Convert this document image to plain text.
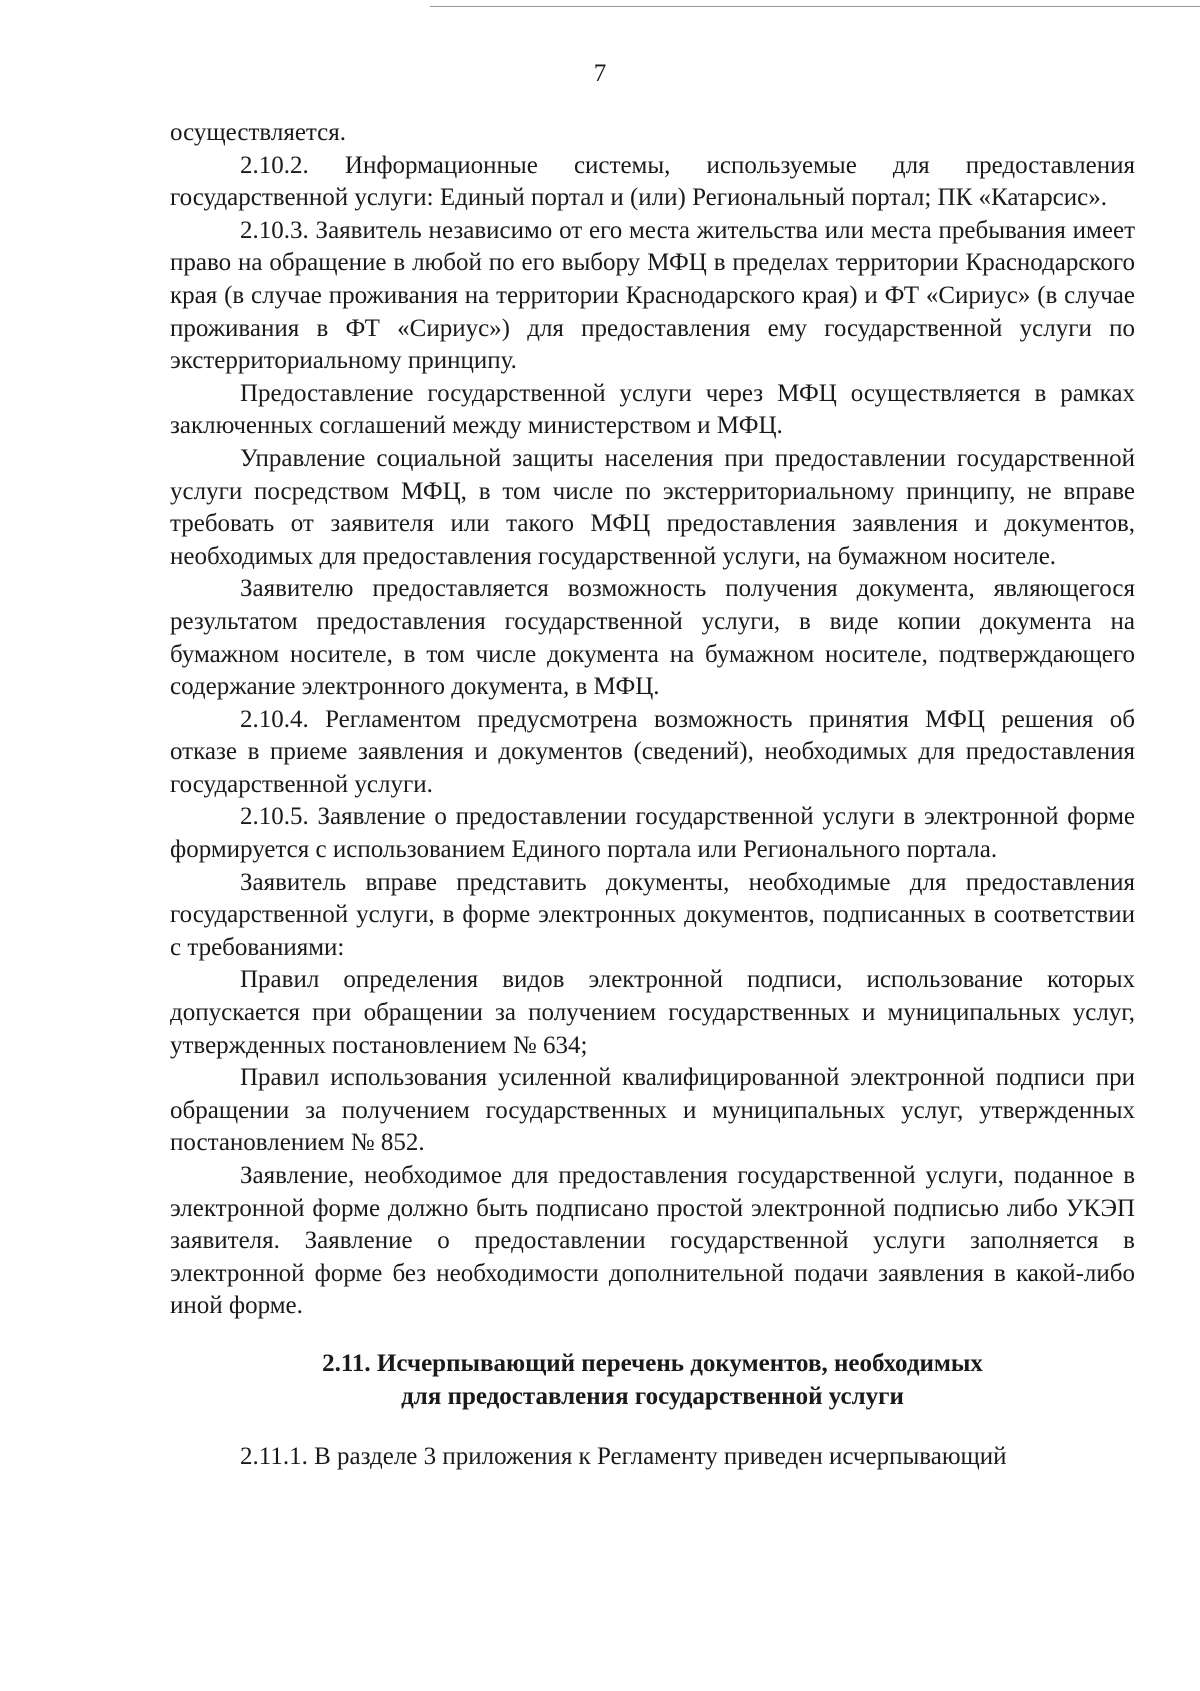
7

осуществляется.

2.10.2. Информационные системы, используемые для предоставления государственной услуги: Единый портал и (или) Региональный портал; ПК «Катарсис».

2.10.3. Заявитель независимо от его места жительства или места пребывания имеет право на обращение в любой по его выбору МФЦ в пределах территории Краснодарского края (в случае проживания на территории Краснодарского края) и ФТ «Сириус» (в случае проживания в ФТ «Сириус») для предоставления ему государственной услуги по экстерриториальному принципу.

Предоставление государственной услуги через МФЦ осуществляется в рамках заключенных соглашений между министерством и МФЦ.

Управление социальной защиты населения при предоставлении государственной услуги посредством МФЦ, в том числе по экстерриториальному принципу, не вправе требовать от заявителя или такого МФЦ предоставления заявления и документов, необходимых для предоставления государственной услуги, на бумажном носителе.

Заявителю предоставляется возможность получения документа, являющегося результатом предоставления государственной услуги, в виде копии документа на бумажном носителе, в том числе документа на бумажном носителе, подтверждающего содержание электронного документа, в МФЦ.

2.10.4. Регламентом предусмотрена возможность принятия МФЦ решения об отказе в приеме заявления и документов (сведений), необходимых для предоставления государственной услуги.

2.10.5. Заявление о предоставлении государственной услуги в электронной форме формируется с использованием Единого портала или Регионального портала.

Заявитель вправе представить документы, необходимые для предоставления государственной услуги, в форме электронных документов, подписанных в соответствии с требованиями:

Правил определения видов электронной подписи, использование которых допускается при обращении за получением государственных и муниципальных услуг, утвержденных постановлением № 634;

Правил использования усиленной квалифицированной электронной подписи при обращении за получением государственных и муниципальных услуг, утвержденных постановлением № 852.

Заявление, необходимое для предоставления государственной услуги, поданное в электронной форме должно быть подписано простой электронной подписью либо УКЭП заявителя. Заявление о предоставлении государственной услуги заполняется в электронной форме без необходимости дополнительной подачи заявления в какой-либо иной форме.

2.11. Исчерпывающий перечень документов, необходимых
для предоставления государственной услуги

2.11.1. В разделе 3 приложения к Регламенту приведен исчерпывающий
